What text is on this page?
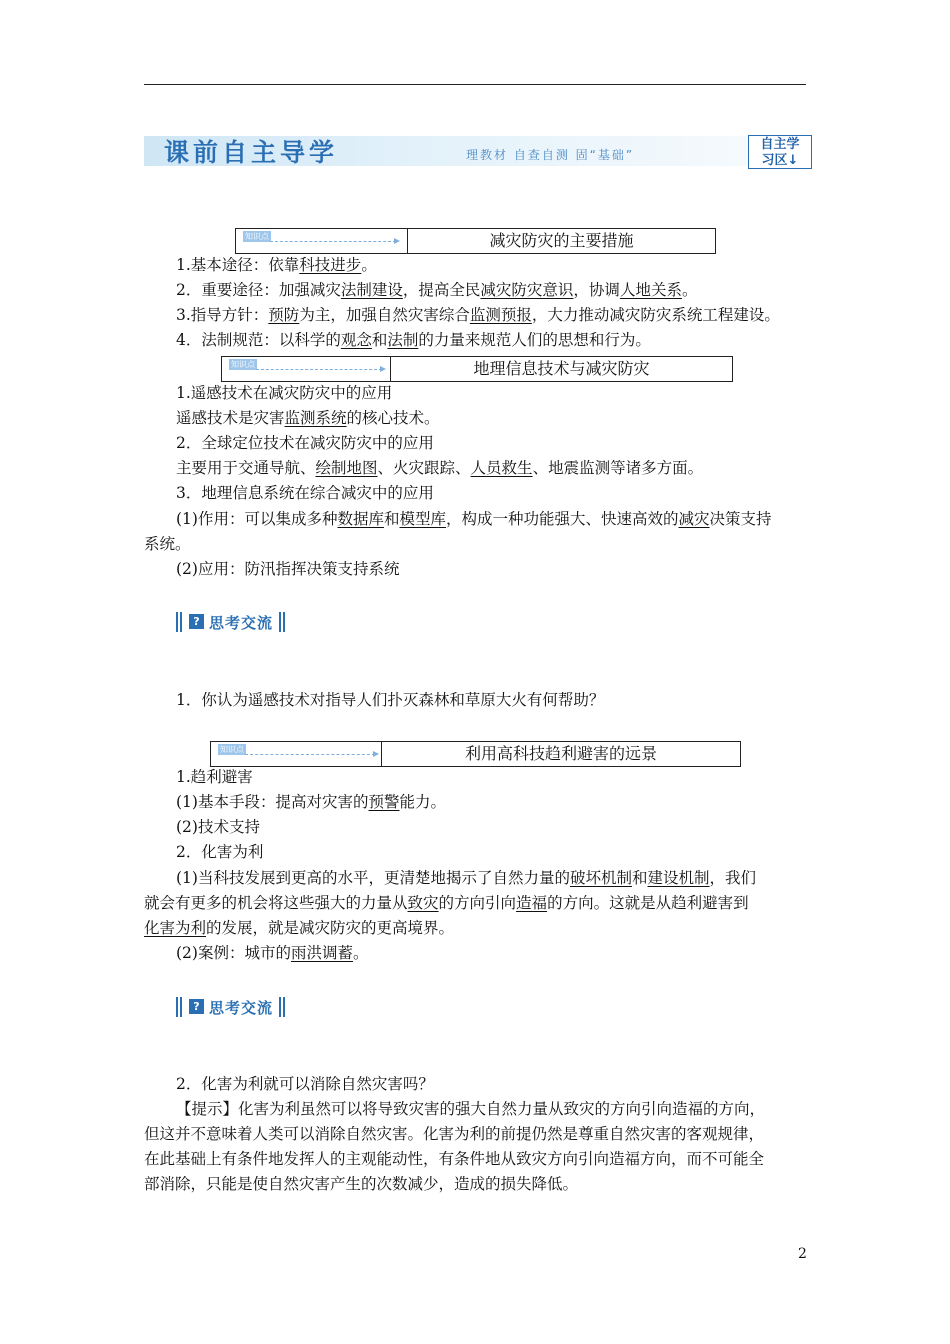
课前自主导学	理教材 自查自测 固“基础”
自主学
习区↓
知识点1	减灾防灾的主要措施
1.基本途径：依靠科技进步。
2．重要途径：加强减灾法制建设，提高全民减灾防灾意识，协调人地关系。
3.指导方针：预防为主，加强自然灾害综合监测预报，大力推动减灾防灾系统工程建设。
4．法制规范：以科学的观念和法制的力量来规范人们的思想和行为。
知识点2	地理信息技术与减灾防灾
1.遥感技术在减灾防灾中的应用
遥感技术是灾害监测系统的核心技术。
2．全球定位技术在减灾防灾中的应用
主要用于交通导航、绘制地图、火灾跟踪、人员救生、地震监测等诸多方面。
3．地理信息系统在综合减灾中的应用
(1)作用：可以集成多种数据库和模型库，构成一种功能强大、快速高效的减灾决策支持
系统。
(2)应用：防汛指挥决策支持系统
? 思考交流
1．你认为遥感技术对指导人们扑灭森林和草原大火有何帮助？
知识点3	利用高科技趋利避害的远景
1.趋利避害
(1)基本手段：提高对灾害的预警能力。
(2)技术支持
2．化害为利
(1)当科技发展到更高的水平，更清楚地揭示了自然力量的破坏机制和建设机制，我们
就会有更多的机会将这些强大的力量从致灾的方向引向造福的方向。这就是从趋利避害到
化害为利的发展，就是减灾防灾的更高境界。
(2)案例：城市的雨洪调蓄。
? 思考交流
2．化害为利就可以消除自然灾害吗？
【提示】化害为利虽然可以将导致灾害的强大自然力量从致灾的方向引向造福的方向，
但这并不意味着人类可以消除自然灾害。化害为利的前提仍然是尊重自然灾害的客观规律，
在此基础上有条件地发挥人的主观能动性，有条件地从致灾方向引向造福方向，而不可能全
部消除，只能是使自然灾害产生的次数减少，造成的损失降低。
2
